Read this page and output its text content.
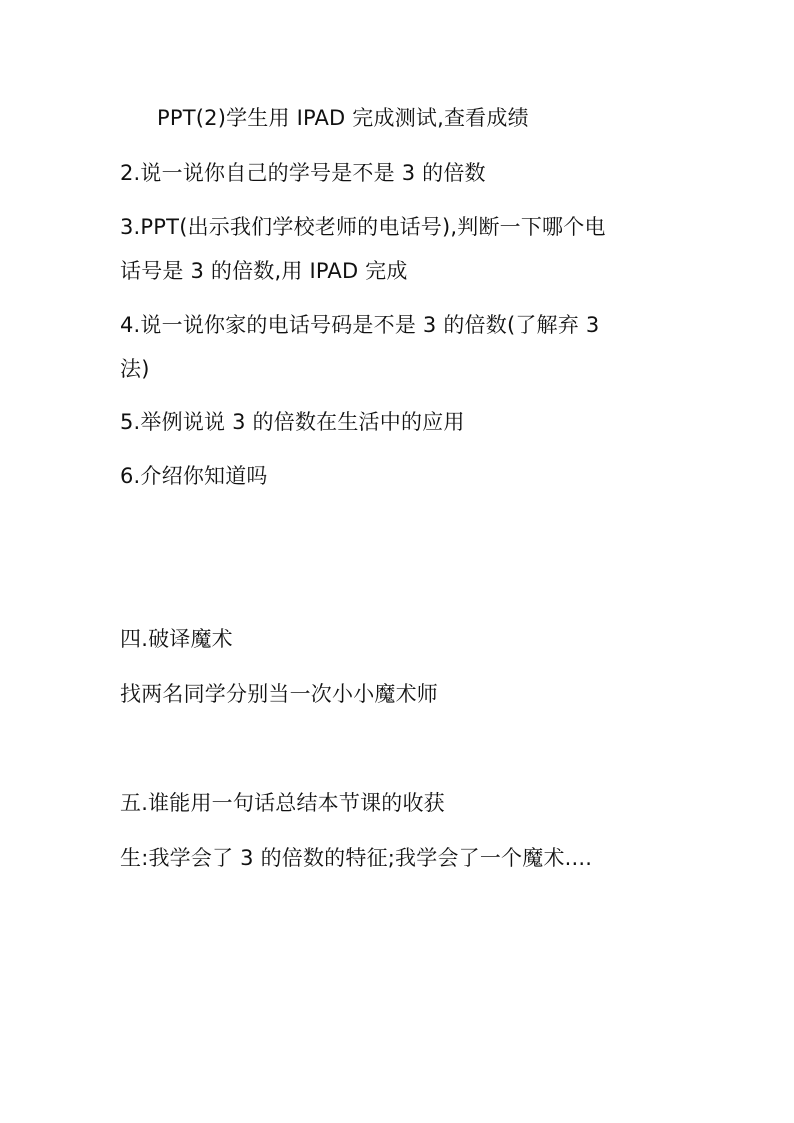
PPT(2)学生用 IPAD 完成测试,查看成绩
2.说一说你自己的学号是不是 3 的倍数
3.PPT(出示我们学校老师的电话号),判断一下哪个电
话号是 3 的倍数,用 IPAD 完成
4.说一说你家的电话号码是不是 3 的倍数(了解弃 3
法)
5.举例说说 3 的倍数在生活中的应用
6.介绍你知道吗
四.破译魔术
找两名同学分别当一次小小魔术师
五.谁能用一句话总结本节课的收获
生:我学会了 3 的倍数的特征;我学会了一个魔术....
